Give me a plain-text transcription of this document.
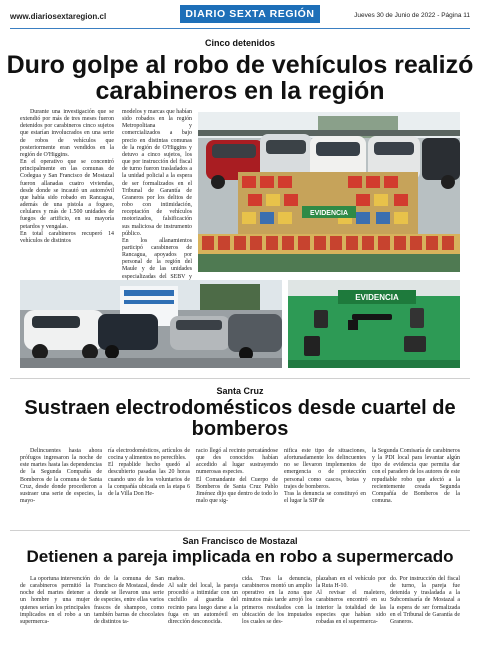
www.diariosextaregion.cl	DIARIO SEXTA REGIÓN	Jueves 30 de Junio de 2022 - Página 11
Cinco detenidos
Duro golpe al robo de vehículos realizó carabineros en la región

Durante una investigación que se extendió por más de tres meses fueron detenidos por carabineros cinco sujetos que estarían involucrados en una serie de robos de vehículos que posteriormente eran vendidos en la región de O'Higgins.
En el operativo que se concentró principalmente en las comunas de Codegua y San Francisco de Mostazal fueron allanadas cuatro viviendas, desde donde se incautó un automóvil que había sido robado en Rancagua, además de una pistola a fogueo, celulares y más de 1.500 unidades de fuegos de artificio, en su mayoría petardos y vengalas.
En total carabineros recuperó 14 vehículos de distintos

modelos y marcas que habían sido robados en la región Metropolitana y comercializados a bajo precio en distintas comunas de la región de O'Higgins y detuvo a cinco sujetos, los que por instrucción del fiscal de turno fueron trasladados a la unidad policial a la espera de ser formalizados en el Tribunal de Garantía de Graneros por los delitos de robo con intimidación, receptación de vehículos motorizados, falsificación sus maliciosa de instrumento público.
En los allanamientos participó carabineros de Rancagua, apoyados por personal de la región del Maule y de las unidades especializadas del SEBV y

EVIDENCIA
EVIDENCIA
Santa Cruz
Sustraen electrodomésticos desde cuartel de bomberos

Delincuentes hasta ahora prófugos ingresaron la noche de este martes hasta las dependencias de la Segunda Compañía de Bomberos de la comuna de Santa Cruz, desde donde procedieron a sustraer una serie de especies, la mayo-

ría electrodomésticos, artículos de cocina y alimentos no perecibles.
El repablide hecho quedó al descubierto pasadas las 20 horas cuando uno de los voluntarios de la compañía ubicada en la etapa 6 de la Villa Don He-

racio llegó al recinto percatándose que des conocidos habían accedido al lugar sustrayendo numerosas especies.
El Comandante del Cuerpo de Bomberos de Santa Cruz Pablo Jiménez dijo que dentro de todo lo malo que sig-

nifica este tipo de situaciones, afortunadamente los delincuentes no se llevaron implementos de emergencia o de protección personal como cascos, botas y trajes de bomberos.
Tras la denuncia se constituyó en el lugar la SIP de

la Segunda Comisaría de carabineros y la PDI local para levantar algún tipo de evidencia que permita dar con el paradero de los autores de este repudiable robo que afectó a la recientemente creada Segunda Compañía de Bomberos de la comuna.

San Francisco de Mostazal
Detienen a pareja implicada en robo a supermercado

La oportuna intervención de carabineros permitió la noche del martes detener a un hombre y una mujer quienes serían los principales implicados en el robo a un supermerca-

do de la comuna de San Francisco de Mostazal, desde donde se llevaron una serie de especies, entre ellas varios frascos de shampoo, como también barras de chocolates de distintos ta-

maños.
Al salir del local, la pareja procedió a intimidar con un cuchillo al guardia del recinto para luego darse a la fuga en un automóvil en dirección desconocida.

cida. Tras la denuncia, carabineros montó un amplio operativo en la zona que minutos más tarde arrojó los primeros resultados con la ubicación de los imputados los cuales se des-

plazaban en el vehículo por la Ruta H-10.
Al revisar el maletero, carabineros encontró en su interior la totalidad de las especies que habían sido robadas en el supermerca-

do. Por instrucción del fiscal de turno, la pareja fue detenida y trasladada a la Subcomisaría de Mostazal a la espera de ser formalizada en el Tribunal de Garantía de Graneros.
